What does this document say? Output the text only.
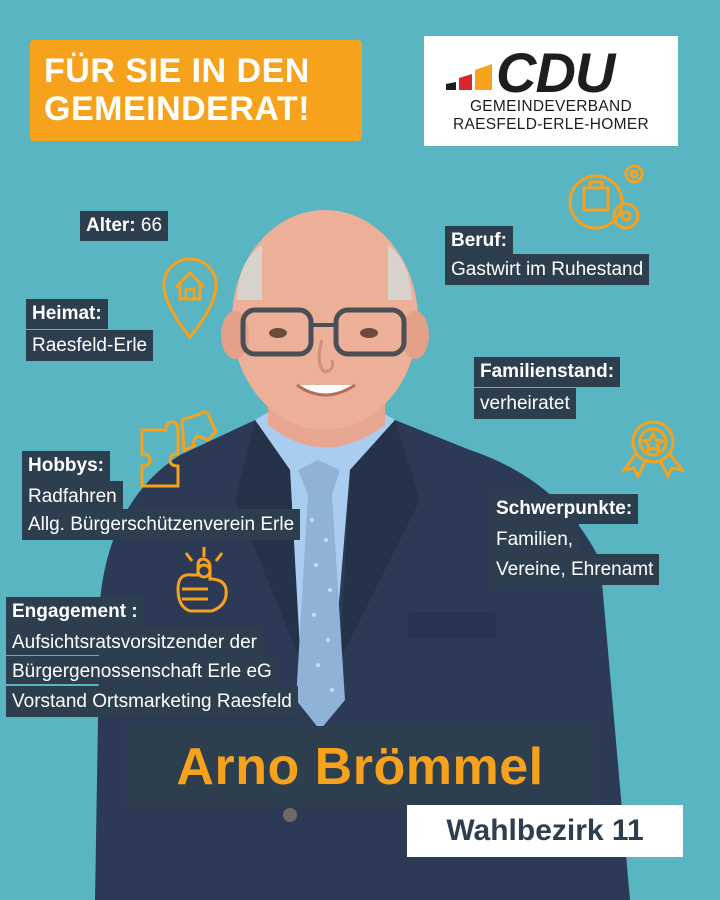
FÜR SIE IN DEN
GEMEINDERAT!
CDU
GEMEINDEVERBAND
RAESFELD-ERLE-HOMER
Alter: 66
Heimat:
Raesfeld-Erle
Hobbys:
Radfahren
Allg. Bürgerschützenverein Erle
Engagement :
Aufsichtsratsvorsitzender der
Bürgergenossenschaft Erle eG
Vorstand Ortsmarketing Raesfeld
Beruf:
Gastwirt im Ruhestand
Familienstand:
verheiratet
Schwerpunkte:
Familien,
Vereine, Ehrenamt
Arno Brömmel
Wahlbezirk 11
